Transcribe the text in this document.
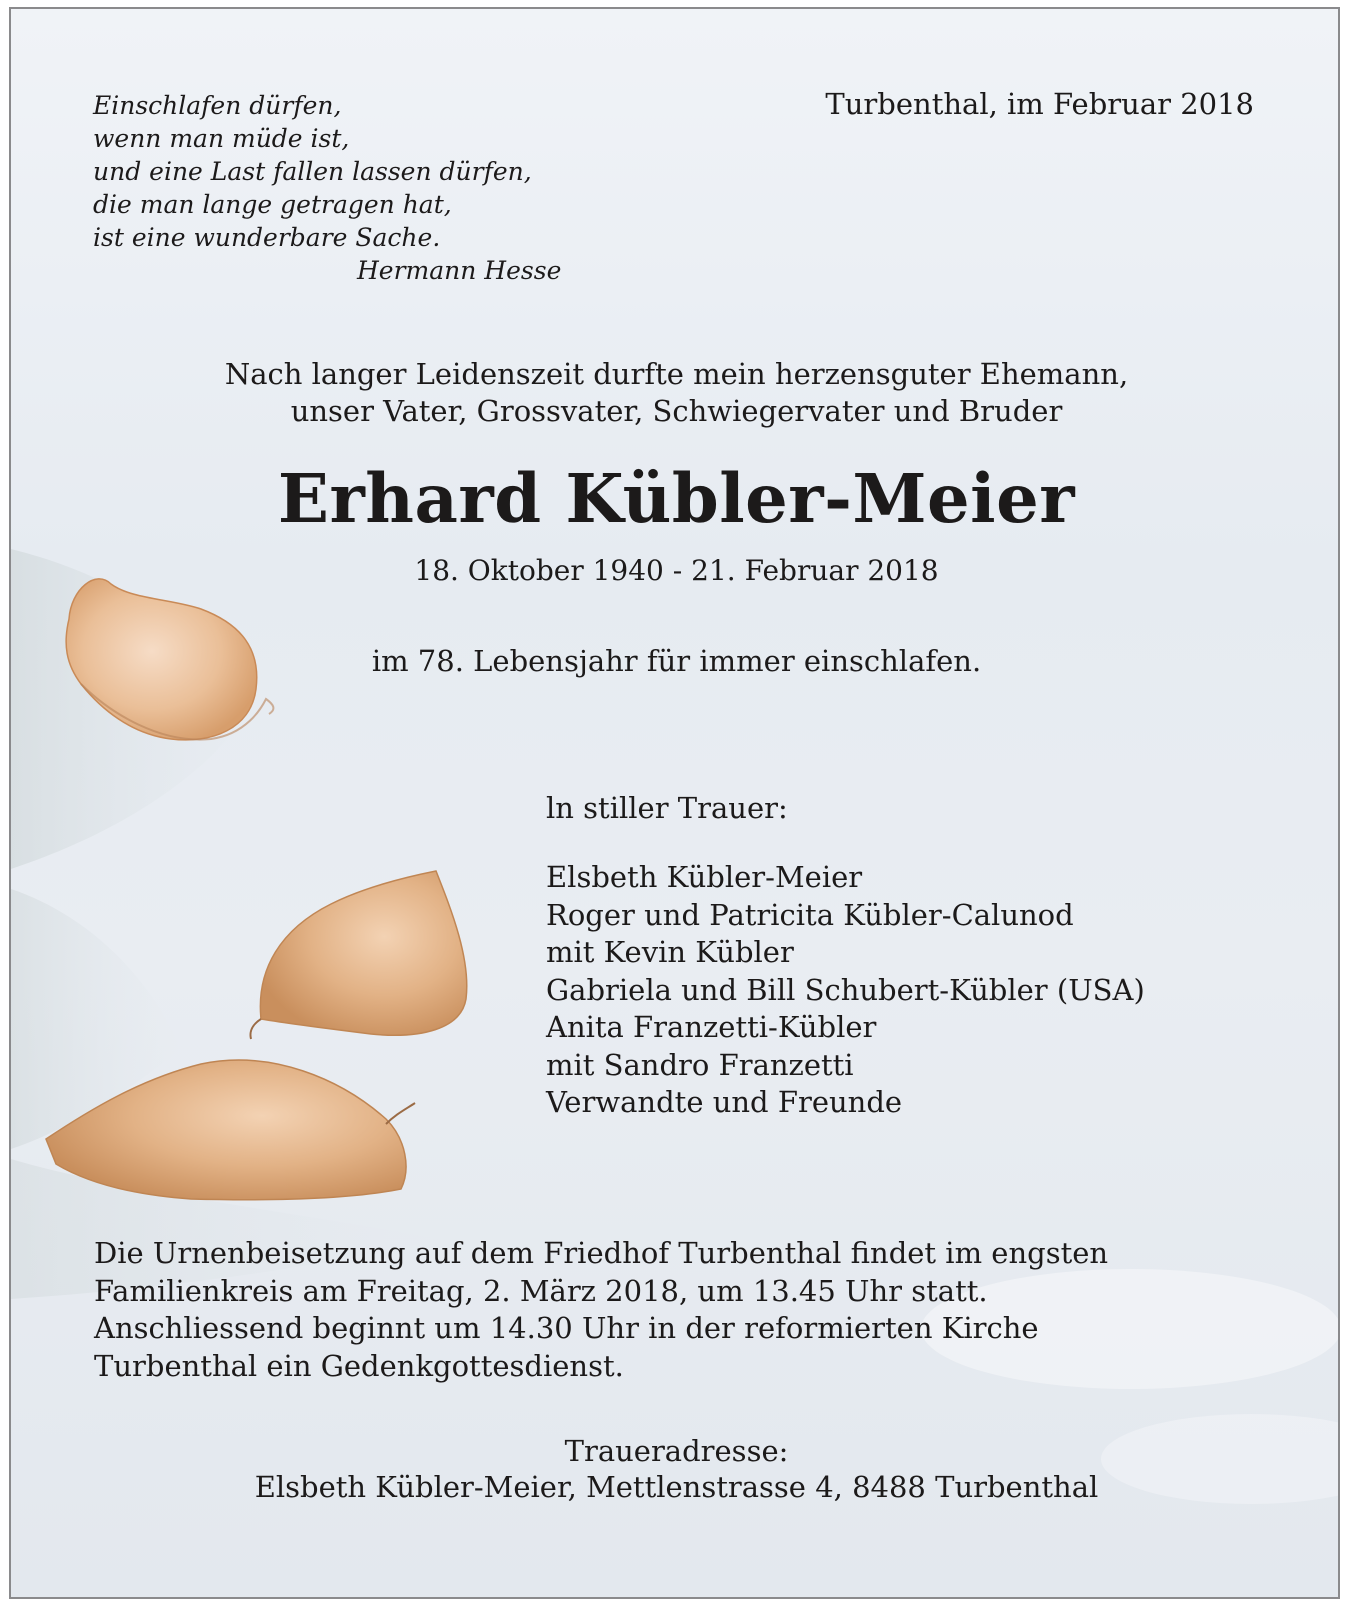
Einschlafen dürfen,
wenn man müde ist,
und eine Last fallen lassen dürfen,
die man lange getragen hat,
ist eine wunderbare Sache.
Hermann Hesse
Turbenthal, im Februar 2018
Nach langer Leidenszeit durfte mein herzensguter Ehemann,
unser Vater, Grossvater, Schwiegervater und Bruder
Erhard Kübler-Meier
18. Oktober 1940 - 21. Februar 2018
im 78. Lebensjahr für immer einschlafen.
ln stiller Trauer:
Elsbeth Kübler-Meier
Roger und Patricita Kübler-Calunod
mit Kevin Kübler
Gabriela und Bill Schubert-Kübler (USA)
Anita Franzetti-Kübler
mit Sandro Franzetti
Verwandte und Freunde
Die Urnenbeisetzung auf dem Friedhof Turbenthal findet im engsten
Familienkreis am Freitag, 2. März 2018, um 13.45 Uhr statt.
Anschliessend beginnt um 14.30 Uhr in der reformierten Kirche
Turbenthal ein Gedenkgottesdienst.
Traueradresse:
Elsbeth Kübler-Meier, Mettlenstrasse 4, 8488 Turbenthal
